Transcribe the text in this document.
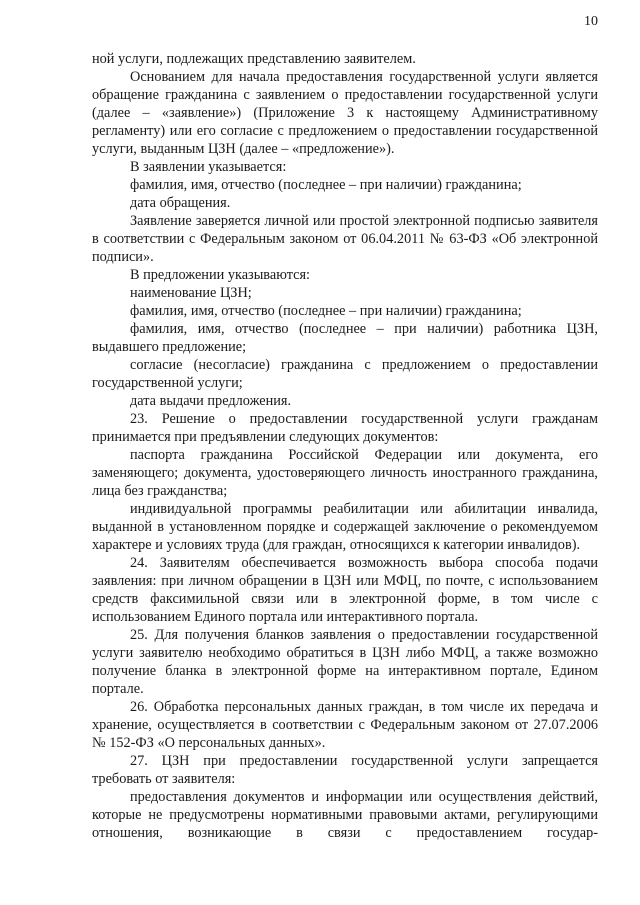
10

ной услуги, подлежащих представлению заявителем.

Основанием для начала предоставления государственной услуги является обращение гражданина с заявлением о предоставлении государственной услуги (далее – «заявление») (Приложение 3 к настоящему Административному регламенту) или его согласие с предложением о предоставлении государственной услуги, выданным ЦЗН (далее – «предложение»).

В заявлении указывается:

фамилия, имя, отчество (последнее – при наличии) гражданина;

дата обращения.

Заявление заверяется личной или простой электронной подписью заявителя в соответствии с Федеральным законом от 06.04.2011 № 63-ФЗ «Об электронной подписи».

В предложении указываются:

наименование ЦЗН;

фамилия, имя, отчество (последнее – при наличии) гражданина;

фамилия, имя, отчество (последнее – при наличии) работника ЦЗН, выдавшего предложение;

согласие (несогласие) гражданина с предложением о предоставлении государственной услуги;

дата выдачи предложения.

23. Решение о предоставлении государственной услуги гражданам принимается при предъявлении следующих документов:

паспорта гражданина Российской Федерации или документа, его заменяющего; документа, удостоверяющего личность иностранного гражданина, лица без гражданства;

индивидуальной программы реабилитации или абилитации инвалида, выданной в установленном порядке и содержащей заключение о рекомендуемом характере и условиях труда (для граждан, относящихся к категории инвалидов).

24. Заявителям обеспечивается возможность выбора способа подачи заявления: при личном обращении в ЦЗН или МФЦ, по почте, с использованием средств факсимильной связи или в электронной форме, в том числе с использованием Единого портала или интерактивного портала.

25. Для получения бланков заявления о предоставлении государственной услуги заявителю необходимо обратиться в ЦЗН либо МФЦ, а также возможно получение бланка в электронной форме на интерактивном портале, Едином портале.

26. Обработка персональных данных граждан, в том числе их передача и хранение, осуществляется в соответствии с Федеральным законом от 27.07.2006 № 152-ФЗ «О персональных данных».

27. ЦЗН при предоставлении государственной услуги запрещается требовать от заявителя:

предоставления документов и информации или осуществления действий, которые не предусмотрены нормативными правовыми актами, регулирующими отношения, возникающие в связи с предоставлением государ-
